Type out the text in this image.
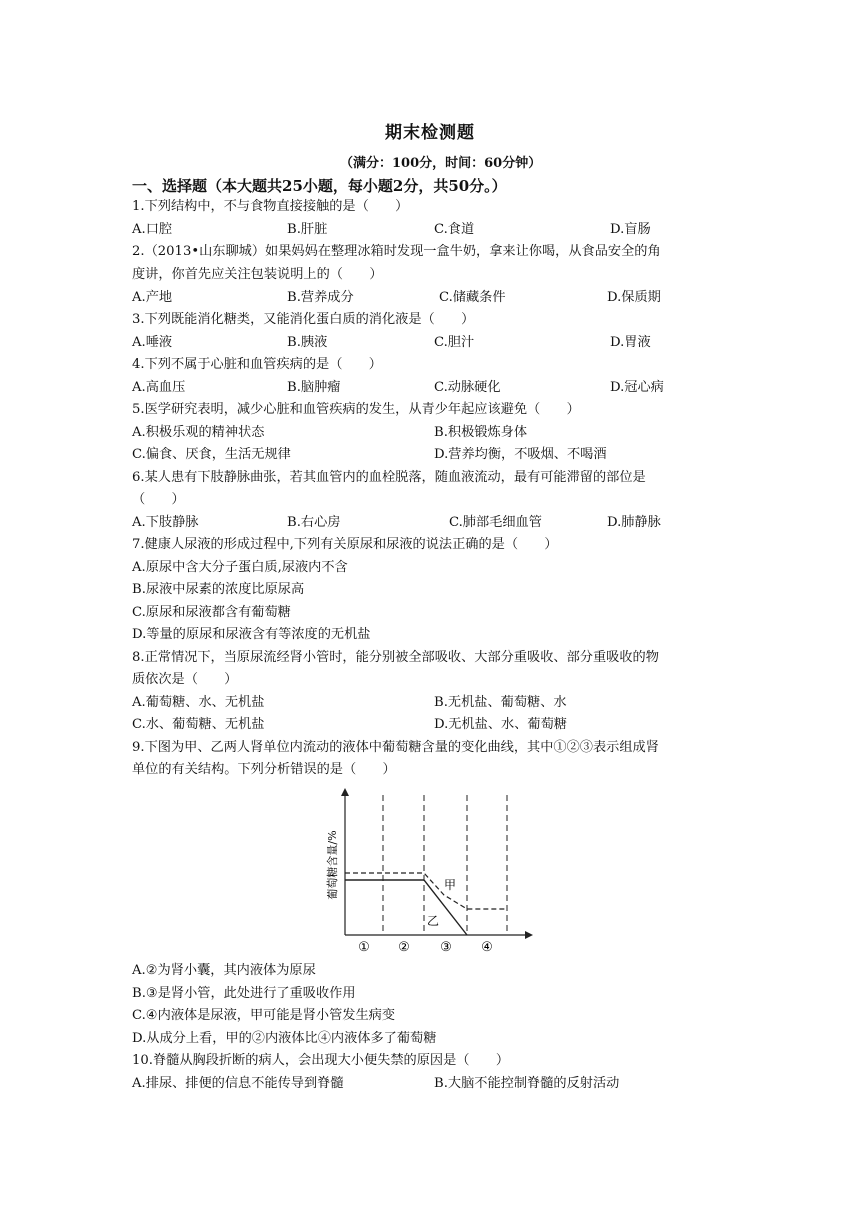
期末检测题
（满分：100分，时间：60分钟）
一、选择题（本大题共25小题，每小题2分，共50分。）
1.下列结构中，不与食物直接接触的是（　　）
A.口腔	B.肝脏	C.食道	D.盲肠
2.（2013•山东聊城）如果妈妈在整理冰箱时发现一盒牛奶，拿来让你喝，从食品安全的角
度讲，你首先应关注包装说明上的（　　）
A.产地	B.营养成分	C.储藏条件	D.保质期
3.下列既能消化糖类，又能消化蛋白质的消化液是（　　）
A.唾液	B.胰液	C.胆汁	D.胃液
4.下列不属于心脏和血管疾病的是（　　）
A.高血压	B.脑肿瘤	C.动脉硬化	D.冠心病
5.医学研究表明，减少心脏和血管疾病的发生，从青少年起应该避免（　　）
A.积极乐观的精神状态	B.积极锻炼身体
C.偏食、厌食，生活无规律	D.营养均衡，不吸烟、不喝酒
6.某人患有下肢静脉曲张，若其血管内的血栓脱落，随血液流动，最有可能滞留的部位是
（　　）
A.下肢静脉	B.右心房	C.肺部毛细血管	D.肺静脉
7.健康人尿液的形成过程中,下列有关原尿和尿液的说法正确的是（　　）
A.原尿中含大分子蛋白质,尿液内不含
B.尿液中尿素的浓度比原尿高
C.原尿和尿液都含有葡萄糖
D.等量的原尿和尿液含有等浓度的无机盐
8.正常情况下，当原尿流经肾小管时，能分别被全部吸收、大部分重吸收、部分重吸收的物
质依次是（　　）
A.葡萄糖、水、无机盐	B.无机盐、葡萄糖、水
C.水、葡萄糖、无机盐	D.无机盐、水、葡萄糖
9.下图为甲、乙两人肾单位内流动的液体中葡萄糖含量的变化曲线，其中①②③表示组成肾
单位的有关结构。下列分析错误的是（　　）
葡萄糖含量/%	甲
乙
① ② ③ ④
A.②为肾小囊，其内液体为原尿
B.③是肾小管，此处进行了重吸收作用
C.④内液体是尿液，甲可能是肾小管发生病变
D.从成分上看，甲的②内液体比④内液体多了葡萄糖
10.脊髓从胸段折断的病人，会出现大小便失禁的原因是（　　）
A.排尿、排便的信息不能传导到脊髓	B.大脑不能控制脊髓的反射活动
